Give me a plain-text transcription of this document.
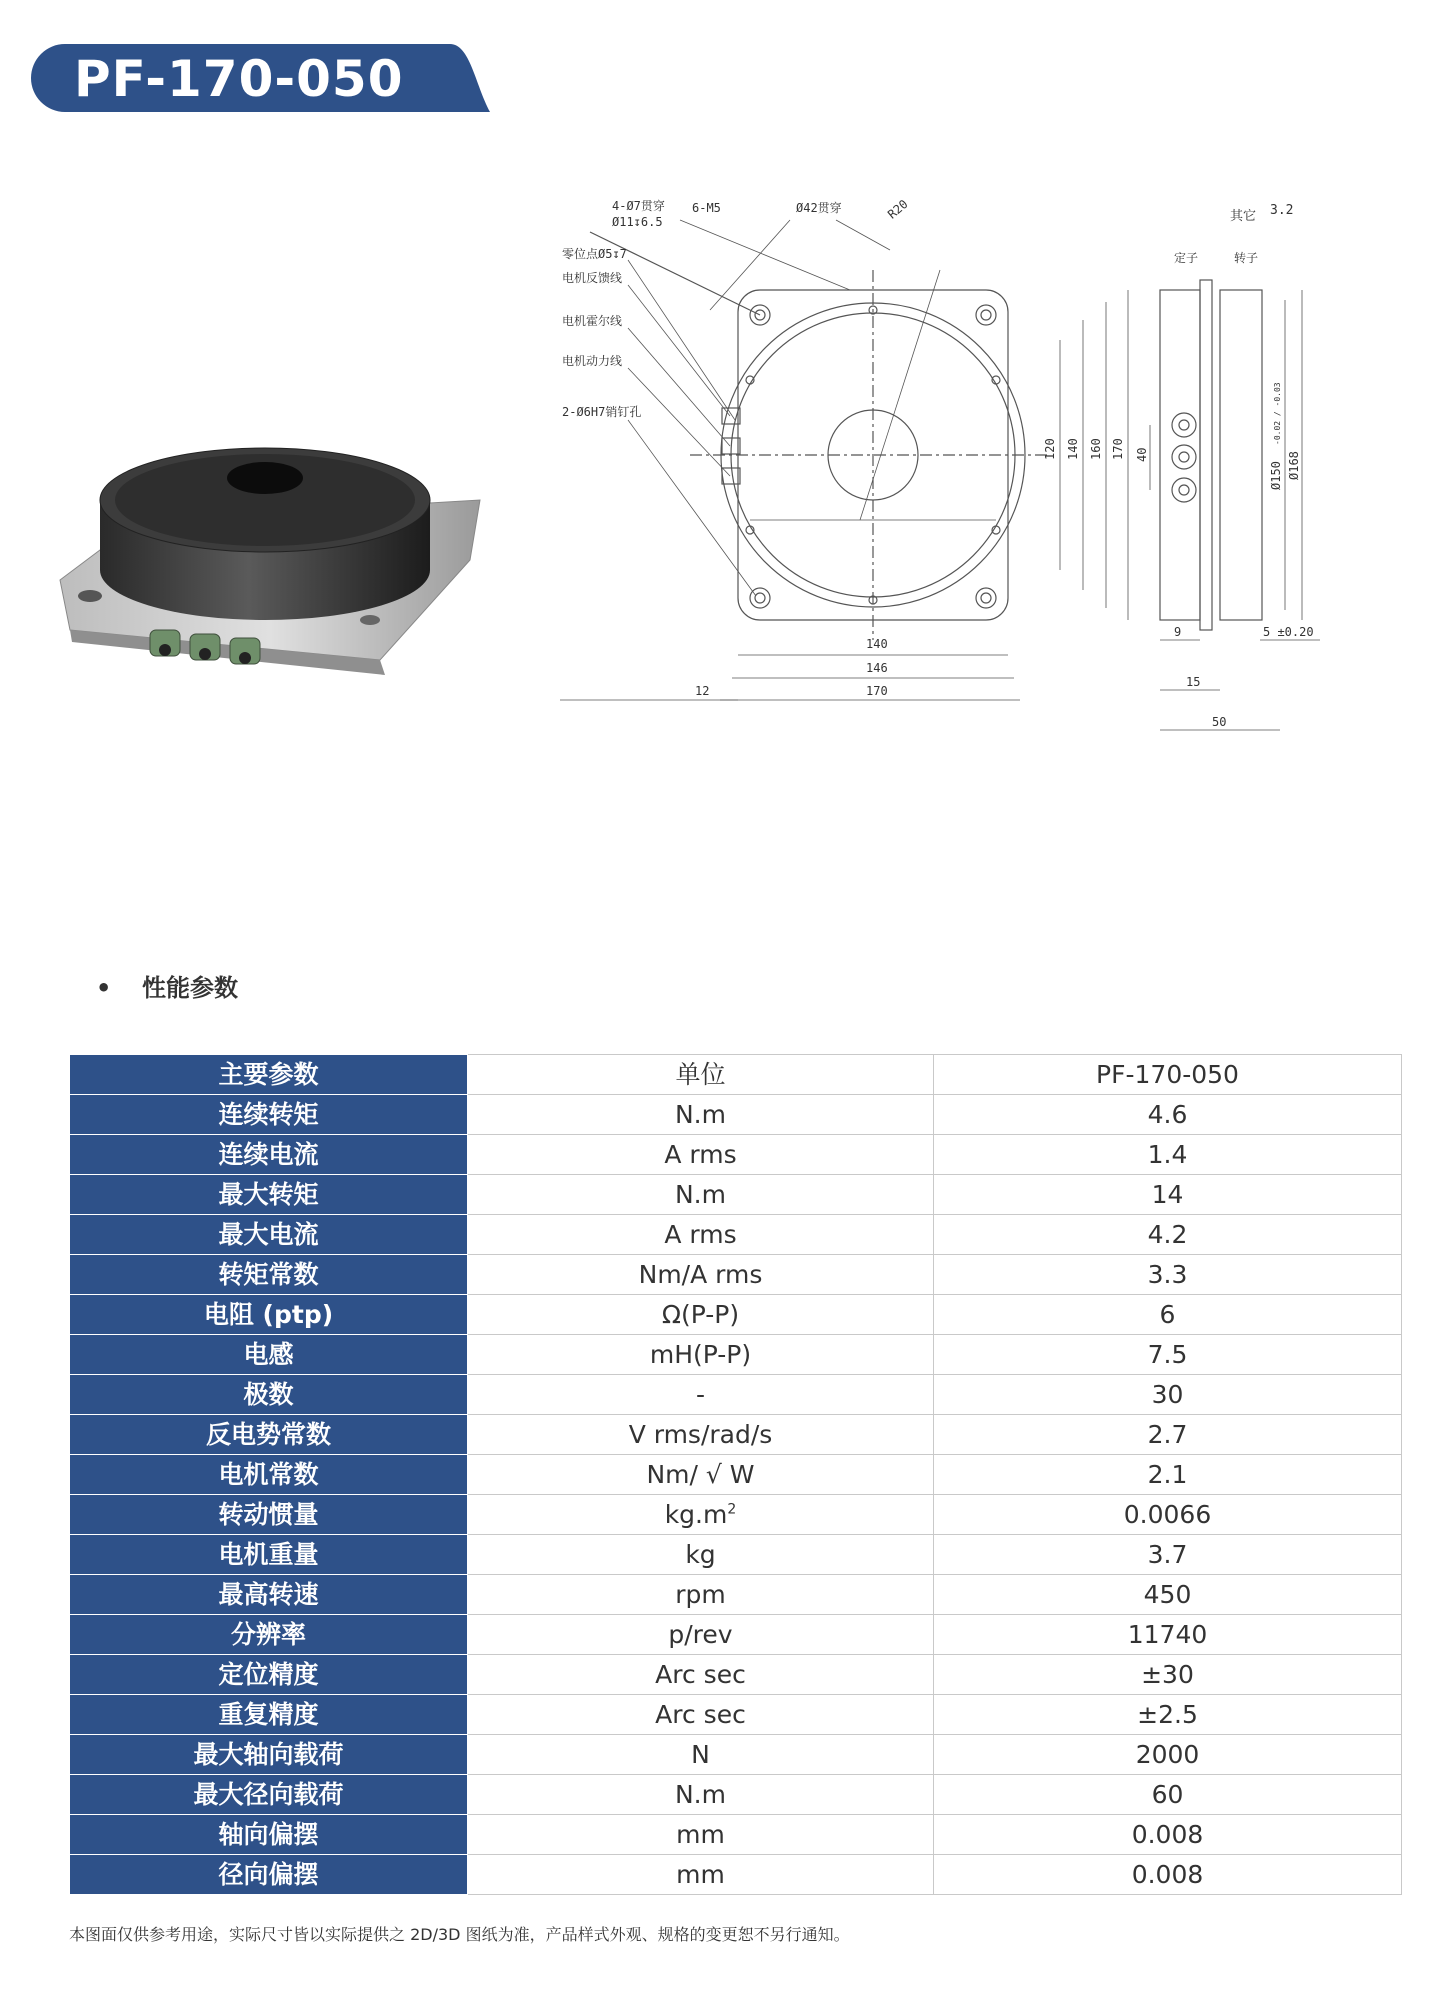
PF-170-050
4-Ø7贯穿
Ø11↧6.5
6-M5	Ø42贯穿	R20
零位点Ø5↧7
电机反馈线
电机霍尔线
电机动力线
2-Ø6H7销钉孔
其它 3.2
定子	转子
140
146
170
12
120 140 160 170 40
Ø150
-0.02 / -0.03
Ø168
9
15
50
5 ±0.20
• 性能参数
主要参数	单位	PF-170-050
连续转矩	N.m	4.6
连续电流	A rms	1.4
最大转矩	N.m	14
最大电流	A rms	4.2
转矩常数	Nm/A rms	3.3
电阻 (ptp)	Ω(P-P)	6
电感	mH(P-P)	7.5
极数	-	30
反电势常数	V rms/rad/s	2.7
电机常数	Nm/ √ W	2.1
转动惯量	$kg.m^2$	0.0066
电机重量	kg	3.7
最高转速	rpm	450
分辨率	p/rev	11740
定位精度	Arc sec	±30
重复精度	Arc sec	±2.5
最大轴向载荷	N	2000
最大径向载荷	N.m	60
轴向偏摆	mm	0.008
径向偏摆	mm	0.008
本图面仅供参考用途，实际尺寸皆以实际提供之 2D/3D 图纸为准，产品样式外观、规格的变更恕不另行通知。
